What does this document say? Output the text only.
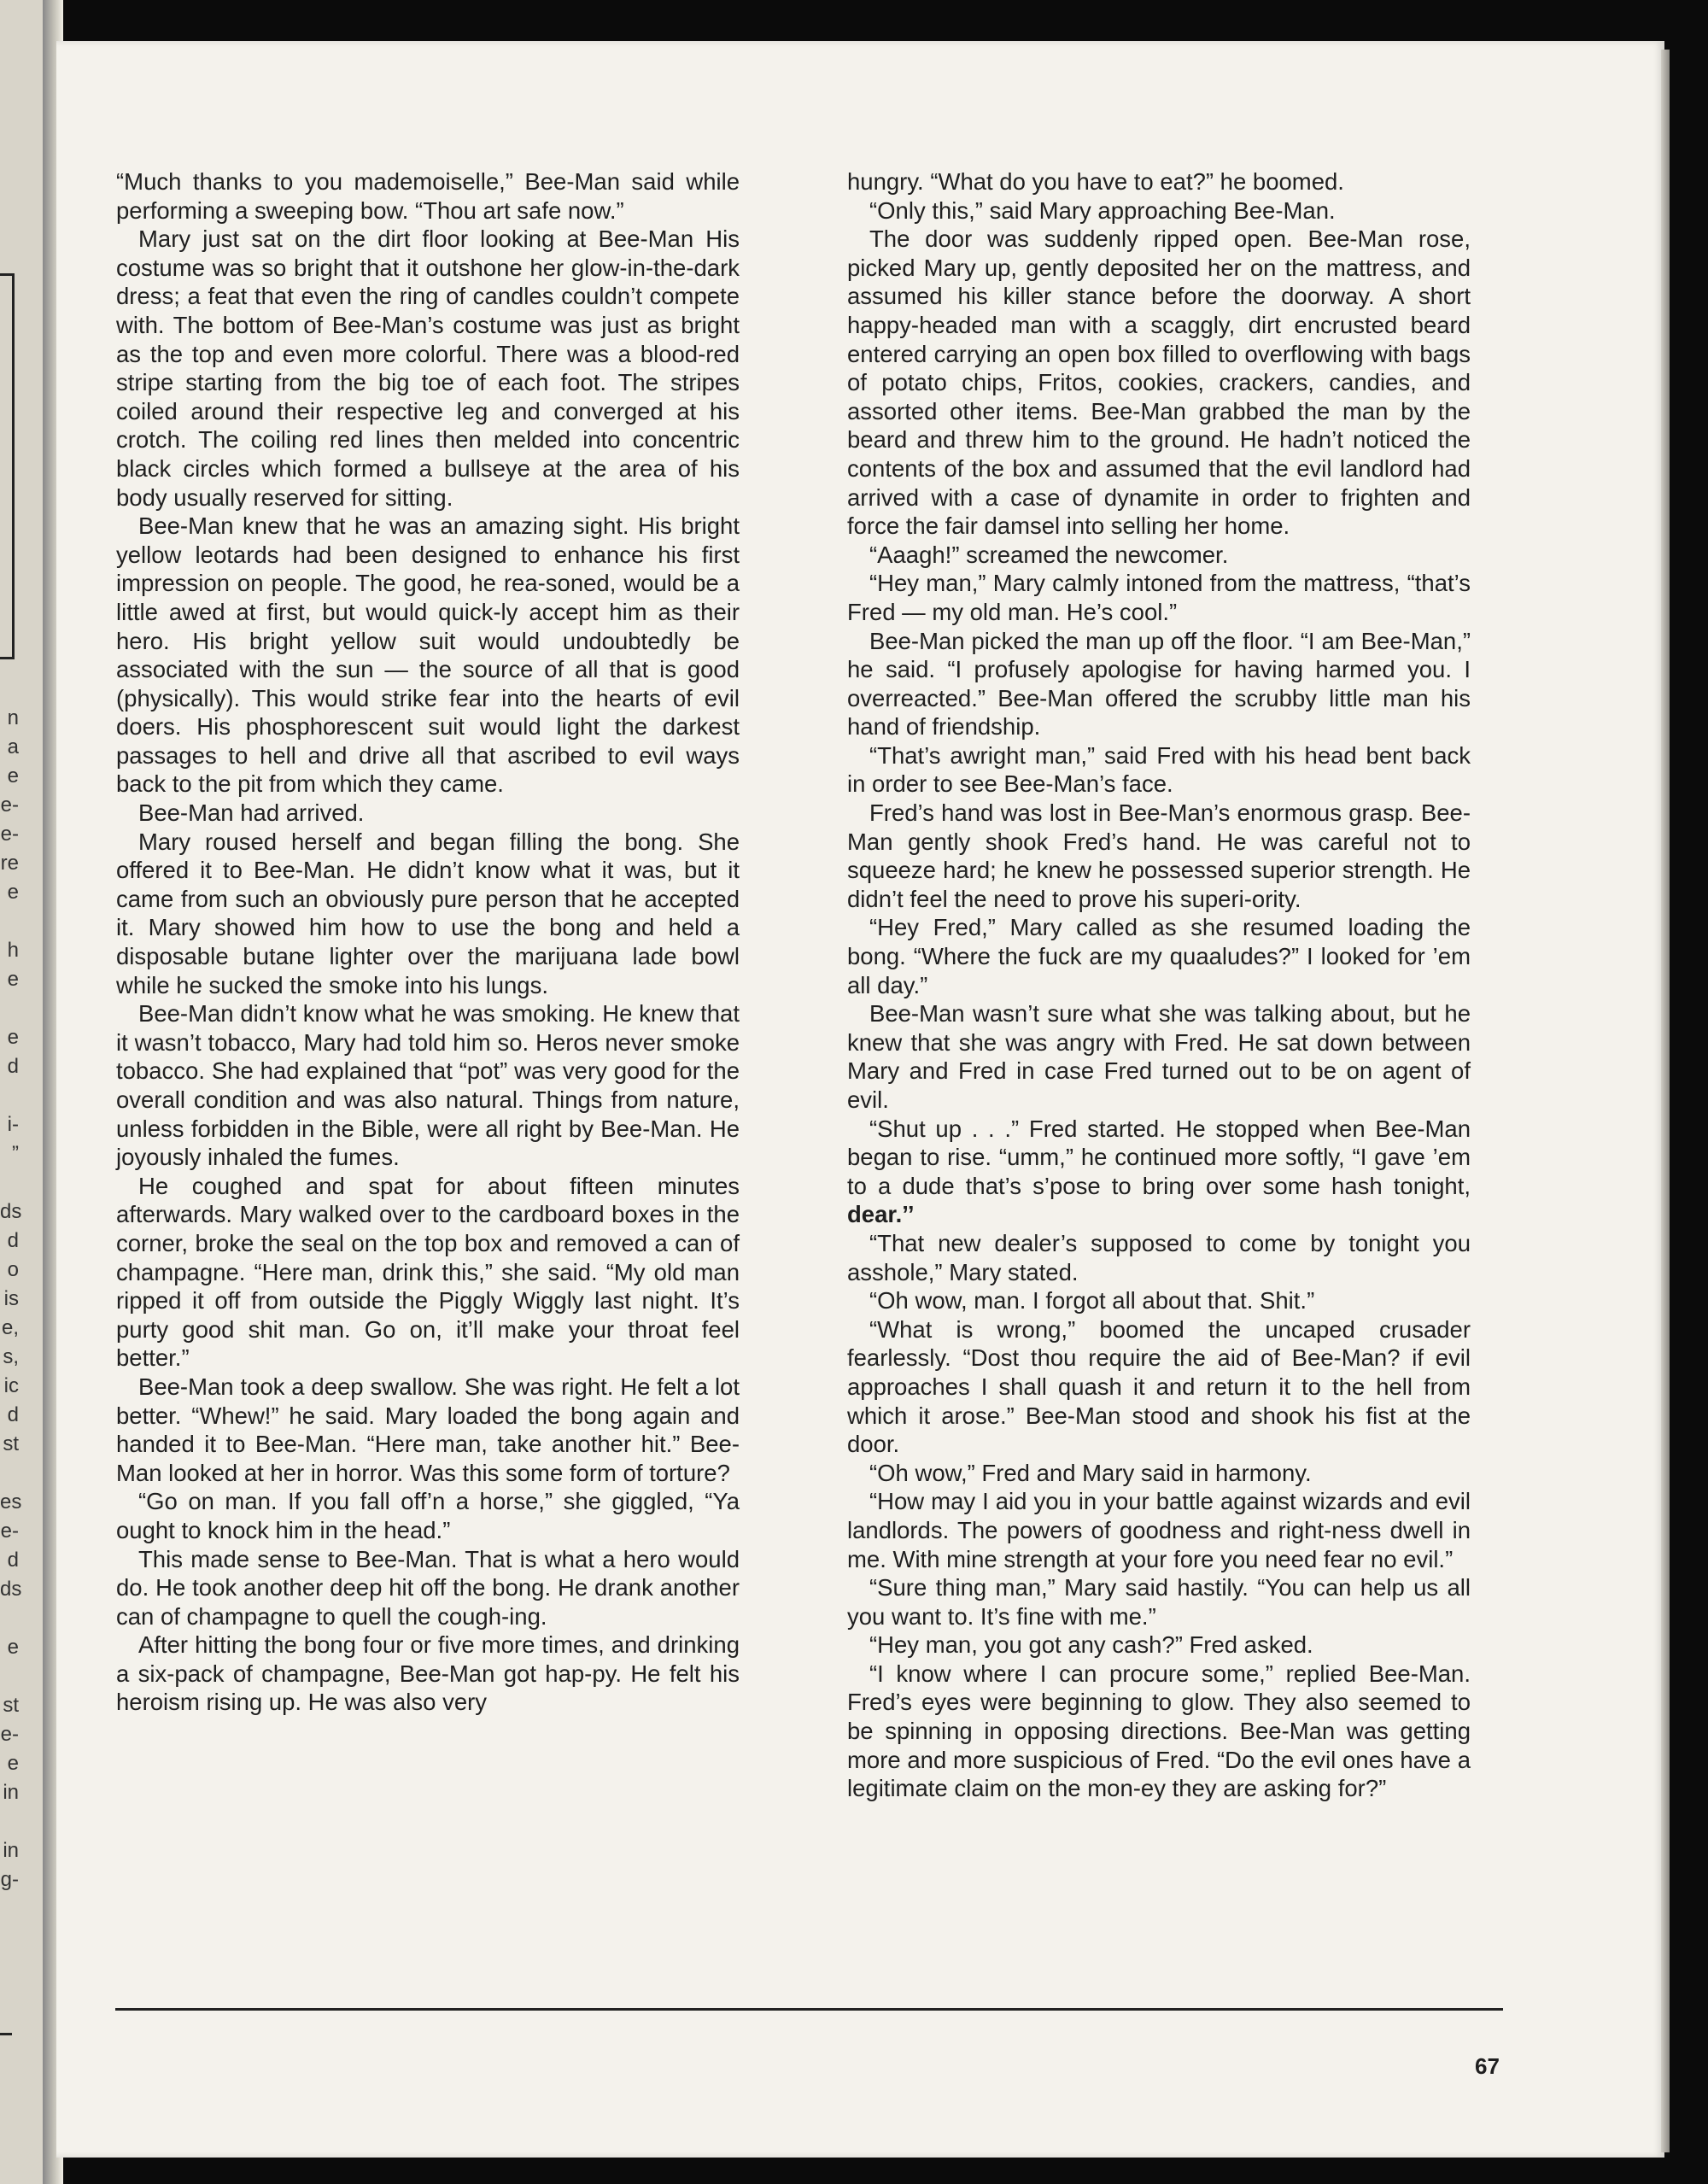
n
a
e
e-
e-
re
e
h
e
e
d
i-
”
ds
d
o
is
e,
s,
ic
d
st
es
e-
d
ds
e
st
e-
e
in
in
g-

“Much thanks to you mademoiselle,” Bee-Man said while performing a sweeping bow. “Thou art safe now.”

Mary just sat on the dirt floor looking at Bee-Man His costume was so bright that it outshone her glow-in-the-dark dress; a feat that even the ring of candles couldn’t compete with. The bottom of Bee-Man’s costume was just as bright as the top and even more colorful. There was a blood-red stripe starting from the big toe of each foot. The stripes coiled around their respective leg and converged at his crotch. The coiling red lines then melded into concentric black circles which formed a bullseye at the area of his body usually reserved for sitting.

Bee-Man knew that he was an amazing sight. His bright yellow leotards had been designed to enhance his first impression on people. The good, he rea-soned, would be a little awed at first, but would quick-ly accept him as their hero. His bright yellow suit would undoubtedly be associated with the sun — the source of all that is good (physically). This would strike fear into the hearts of evil doers. His phosphorescent suit would light the darkest passages to hell and drive all that ascribed to evil ways back to the pit from which they came.

Bee-Man had arrived.

Mary roused herself and began filling the bong. She offered it to Bee-Man. He didn’t know what it was, but it came from such an obviously pure person that he accepted it. Mary showed him how to use the bong and held a disposable butane lighter over the marijuana lade bowl while he sucked the smoke into his lungs.

Bee-Man didn’t know what he was smoking. He knew that it wasn’t tobacco, Mary had told him so. Heros never smoke tobacco. She had explained that “pot” was very good for the overall condition and was also natural. Things from nature, unless forbidden in the Bible, were all right by Bee-Man. He joyously inhaled the fumes.

He coughed and spat for about fifteen minutes afterwards. Mary walked over to the cardboard boxes in the corner, broke the seal on the top box and removed a can of champagne. “Here man, drink this,” she said. “My old man ripped it off from outside the Piggly Wiggly last night. It’s purty good shit man. Go on, it’ll make your throat feel better.”

Bee-Man took a deep swallow. She was right. He felt a lot better. “Whew!” he said. Mary loaded the bong again and handed it to Bee-Man. “Here man, take another hit.” Bee-Man looked at her in horror. Was this some form of torture?

“Go on man. If you fall off’n a horse,” she giggled, “Ya ought to knock him in the head.”

This made sense to Bee-Man. That is what a hero would do. He took another deep hit off the bong. He drank another can of champagne to quell the cough-ing.

After hitting the bong four or five more times, and drinking a six-pack of champagne, Bee-Man got hap-py. He felt his heroism rising up. He was also very

hungry. “What do you have to eat?” he boomed.

“Only this,” said Mary approaching Bee-Man.

The door was suddenly ripped open. Bee-Man rose, picked Mary up, gently deposited her on the mattress, and assumed his killer stance before the doorway. A short happy-headed man with a scaggly, dirt encrusted beard entered carrying an open box filled to overflowing with bags of potato chips, Fritos, cookies, crackers, candies, and assorted other items. Bee-Man grabbed the man by the beard and threw him to the ground. He hadn’t noticed the contents of the box and assumed that the evil landlord had arrived with a case of dynamite in order to frighten and force the fair damsel into selling her home.

“Aaagh!” screamed the newcomer.

“Hey man,” Mary calmly intoned from the mattress, “that’s Fred — my old man. He’s cool.”

Bee-Man picked the man up off the floor. “I am Bee-Man,” he said. “I profusely apologise for having harmed you. I overreacted.” Bee-Man offered the scrubby little man his hand of friendship.

“That’s awright man,” said Fred with his head bent back in order to see Bee-Man’s face.

Fred’s hand was lost in Bee-Man’s enormous grasp. Bee-Man gently shook Fred’s hand. He was careful not to squeeze hard; he knew he possessed superior strength. He didn’t feel the need to prove his superi-ority.

“Hey Fred,” Mary called as she resumed loading the bong. “Where the fuck are my quaaludes?” I looked for ’em all day.”

Bee-Man wasn’t sure what she was talking about, but he knew that she was angry with Fred. He sat down between Mary and Fred in case Fred turned out to be on agent of evil.

“Shut up . . .” Fred started. He stopped when Bee-Man began to rise. “umm,” he continued more softly, “I gave ’em to a dude that’s s’pose to bring over some hash tonight, dear.’’

“That new dealer’s supposed to come by tonight you asshole,” Mary stated.

“Oh wow, man. I forgot all about that. Shit.”

“What is wrong,” boomed the uncaped crusader fearlessly. “Dost thou require the aid of Bee-Man? if evil approaches I shall quash it and return it to the hell from which it arose.” Bee-Man stood and shook his fist at the door.

“Oh wow,” Fred and Mary said in harmony.

“How may I aid you in your battle against wizards and evil landlords. The powers of goodness and right-ness dwell in me. With mine strength at your fore you need fear no evil.”

“Sure thing man,” Mary said hastily. “You can help us all you want to. It’s fine with me.”

“Hey man, you got any cash?” Fred asked.

“I know where I can procure some,” replied Bee-Man. Fred’s eyes were beginning to glow. They also seemed to be spinning in opposing directions. Bee-Man was getting more and more suspicious of Fred. “Do the evil ones have a legitimate claim on the mon-ey they are asking for?”

67
